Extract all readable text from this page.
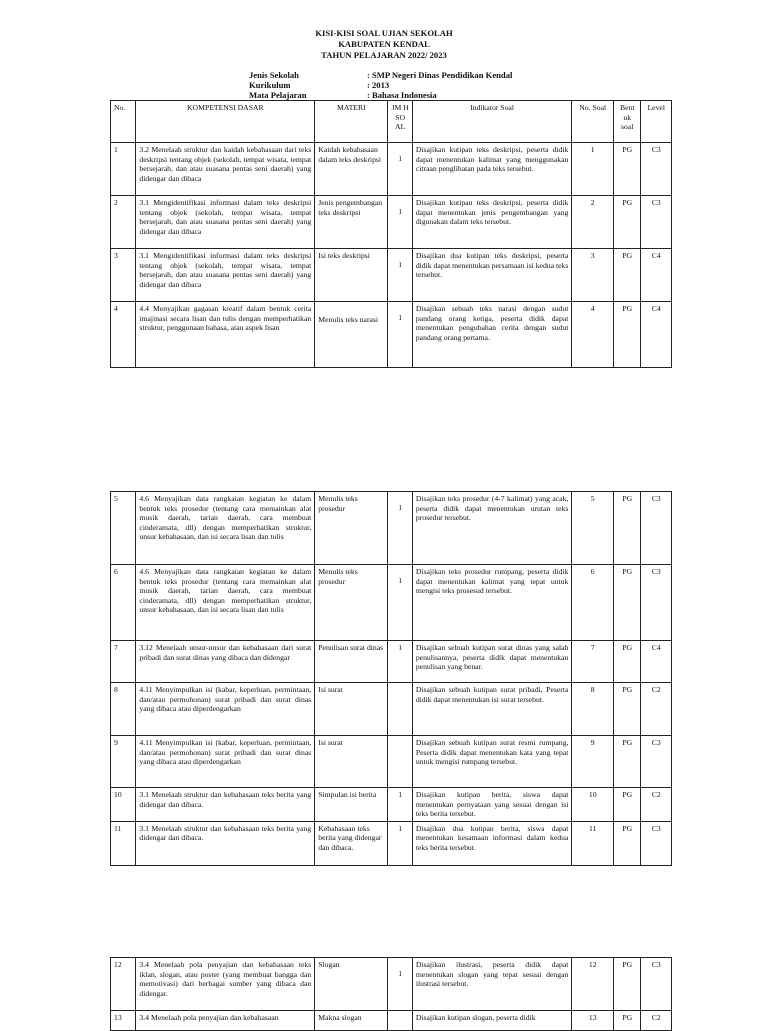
KISI-KISI SOAL UJIAN SEKOLAH
KABUPATEN KENDAL
TAHUN PELAJARAN 2022/ 2023
Jenis Sekolah	: SMP Negeri Dinas Pendidikan Kendal
Kurikulum	: 2013
Mata Pelajaran	: Bahasa Indonesia
No.	KOMPETENSI DASAR	MATERI	JM H SO AL	Indikator Soal	No. Soal	Bent uk soal	Level
1	3.2 Menelaah struktur dan kaidah kebahasaan dari teks deskripsi tentang objek (sekolah, tempat wisata, tempat bersejarah, dan atau suasana pentas seni daerah) yang didengar dan dibaca	Kaidah kebahasaan dalam teks deskripsi	1	Disajikan kutipan teks deskripsi, peserta didik dapat menentukan kalimat yang menggunakan citraan penglihatan pada teks tersebut.	1	PG	C3
2	3.1 Mengidentifikasi informasi dalam teks deskripsi tentang objek (sekolah, tempat wisata, tempat bersejarah, dan atau suasana pentas seni daerah) yang didengar dan dibaca	Jenis pengembangan teks deskripsi	1	Disajikan kutipan teks deskripsi, peserta didik dapat menentukan jenis pengembangan yang digunakan dalam teks tersebut.	2	PG	C3
3	3.1 Mengidentifikasi informasi dalam teks deskripsi tentang objek (sekolah, tempat wisata, tempat bersejarah, dan atau suasana pentas seni daerah) yang didengar dan dibaca	Isi teks deskripsi	1	Disajikan dua kutipan teks deskripsi, peserta didik dapat menentukan persamaan isi kedua teks tersebut.	3	PG	C4
4	4.4 Menyajikan gagasan kreatif dalam bentuk cerita imajinasi secara lisan dan tulis dengan memperhatikan struktur, penggunaan bahasa, atau aspek lisan	Menulis teks narasi	1	Disajikan sebuah teks narasi dengan sudut pandang orang ketiga, peserta didik dapat menentukan pengubahan cerita dengan sudut pandang orang pertama.	4	PG	C4
5	4.6 Menyajikan data rangkaian kegiatan ke dalam bentuk teks prosedur (tentang cara memainkan alat musik daerah, tarian daerah, cara membuat cinderamata, dll) dengan memperhatikan struktur, unsur kebahasaan, dan isi secara lisan dan tulis	Menulis teks prosedur	1	Disajikan teks prosedur (4-7 kalimat) yang acak, peserta didik dapat menentukan urutan teks prosedur tersebut.	5	PG	C3
6	4.6 Menyajikan data rangkaian kegiatan ke dalam bentuk teks prosedur (tentang cara memainkan alat musik daerah, tarian daerah, cara membuat cinderamata, dll) dengan memperhatikan struktur, unsur kebahasaan, dan isi secara lisan dan tulis	Menulis teks prosedur	1	Disajikan teks prosedur rumpang, peserta didik dapat menentukan kalimat yang tepat untuk mengisi teks prosesud tersebut.	6	PG	C3
7	3.12 Menelaah unsur-unsur dan kebahasaan dari surat pribadi dan surat dinas yang dibaca dan didengar	Penulisan surat dinas	1	Disajikan sebuah kutipan surat dinas yang salah penulisannya, peserta didik dapat menentukan penulisan yang benar.	7	PG	C4
8	4.11 Menyimpulkan isi (kabar, keperluan, permintaan, dan/atau permohonan) surat pribadi dan surat dinas yang dibaca atau diperdengarkan	Isi surat		Disajikan sebuah kutipan surat pribadi, Peserta didik dapat menentukan isi surat tersebut.	8	PG	C2
9	4.11 Menyimpulkan isi (kabar, keperluan, permintaan, dan/atau permohonan) surat pribadi dan surat dinas yang dibaca atau diperdengarkan	Isi surat		Disajikan sebuah kutipan surat resmi rumpang, Peserta didik dapat menentukan kata yang tepat untuk mengisi rumpang tersebut.	9	PG	C3
10	3.1 Menelaah struktur dan kebahasaan teks berita yang didengar dan dibaca.	Simpulan isi berita	1	Disajikan kutipan berita, siswa dapat menentukan pernyataan yang sesuai dengan isi teks berita tersebut.	10	PG	C2
11	3.1 Menelaah struktur dan kebahasaan teks berita yang didengar dan dibaca.	Kebahasaan teks berita yang didengar dan dibaca.	1	Disajikan dua kutipan berita, siswa dapat menentukan kesamaan informasi dalam kedua teks berita tersebut.	11	PG	C3
12	3.4 Menelaah pola penyajian dan kebahasaan teks iklan, slogan, atau poster (yang membuat bangga dan memotivasi) dari berbagai sumber yang dibaca dan didengar.	Slogan	1	Disajikan ilustrasi, peserta didik dapat menentukan slogan yang tepat sesuai dengan ilustrasi tersebut.	12	PG	C3
13	3.4 Menelaah pola penyajian dan kebahasaan	Makna slogan		Disajikan kutipan slogan, peserta didik	13	PG	C2
